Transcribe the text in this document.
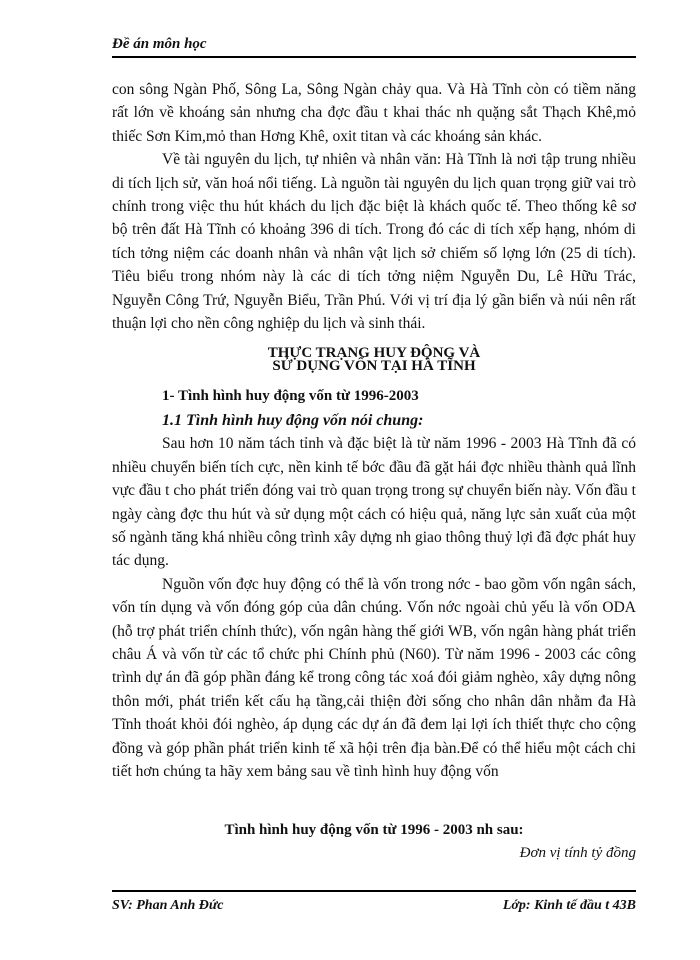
Đề án môn học

con sông Ngàn Phố, Sông La, Sông Ngàn chảy qua. Và Hà Tĩnh còn có tiềm năng rất lớn về khoáng sản nhưng cha đợc đầu t khai thác nh quặng sắt Thạch Khê,mỏ thiếc Sơn Kim,mỏ than Hơng Khê, oxit titan và các khoáng sản khác.

Về tài nguyên du lịch, tự nhiên và nhân văn: Hà Tĩnh là nơi tập trung nhiều di tích lịch sử, văn hoá nổi tiếng. Là nguồn tài nguyên du lịch quan trọng giữ vai trò chính trong việc thu hút khách du lịch đặc biệt là khách quốc tế. Theo thống kê sơ bộ trên đất Hà Tĩnh có khoảng 396 di tích. Trong đó các di tích xếp hạng, nhóm di tích tởng niệm các doanh nhân và nhân vật lịch sở chiếm số lợng lớn (25 di tích). Tiêu biểu trong nhóm này là các di tích tởng niệm Nguyễn Du, Lê Hữu Trác, Nguyễn Công Trứ, Nguyễn Biểu, Trần Phú. Với vị trí địa lý gần biển và núi nên rất thuận lợi cho nền công nghiệp du lịch và sinh thái.

THỰC TRẠNG HUY ĐỘNG VÀ
SỬ DỤNG VỐN TẠI HÀ TĨNH
1- Tình hình huy động vốn từ 1996-2003
1.1 Tình hình huy động vốn nói chung:

Sau hơn 10 năm tách tỉnh và đặc biệt là từ năm 1996 - 2003 Hà Tĩnh đã có nhiều chuyển biến tích cực, nền kinh tế bớc đầu đã gặt hái đợc nhiều thành quả lĩnh vực đầu t cho phát triển đóng vai trò quan trọng trong sự chuyển biến này. Vốn đầu t ngày càng đợc thu hút và sử dụng một cách có hiệu quả, năng lực sản xuất của một số ngành tăng khá nhiều công trình xây dựng nh giao thông thuỷ lợi đã đợc phát huy tác dụng.

Nguồn vốn đợc huy động có thể là vốn trong nớc - bao gồm vốn ngân sách, vốn tín dụng và vốn đóng góp của dân chúng. Vốn nớc ngoài chủ yếu là vốn ODA (hỗ trợ phát triển chính thức), vốn ngân hàng thế giới WB, vốn ngân hàng phát triển châu Á và vốn từ các tổ chức phi Chính phủ (N60). Từ năm 1996 - 2003 các công trình dự án đã góp phần đáng kể trong công tác xoá đói giảm nghèo, xây dựng nông thôn mới, phát triển kết cấu hạ tầng,cải thiện đời sống cho nhân dân nhằm đa Hà Tĩnh thoát khỏi đói nghèo, áp dụng các dự án đã đem lại lợi ích thiết thực cho cộng đồng và góp phần phát triển kinh tế xã hội trên địa bàn.Để có thể hiểu một cách chi tiết hơn chúng ta hãy xem bảng sau về tình hình huy động vốn

Tình hình huy động vốn từ 1996 - 2003 nh sau:
Đơn vị tính tỷ đồng
SV: Phan Anh Đức	Lớp: Kinh tế đầu t 43B
